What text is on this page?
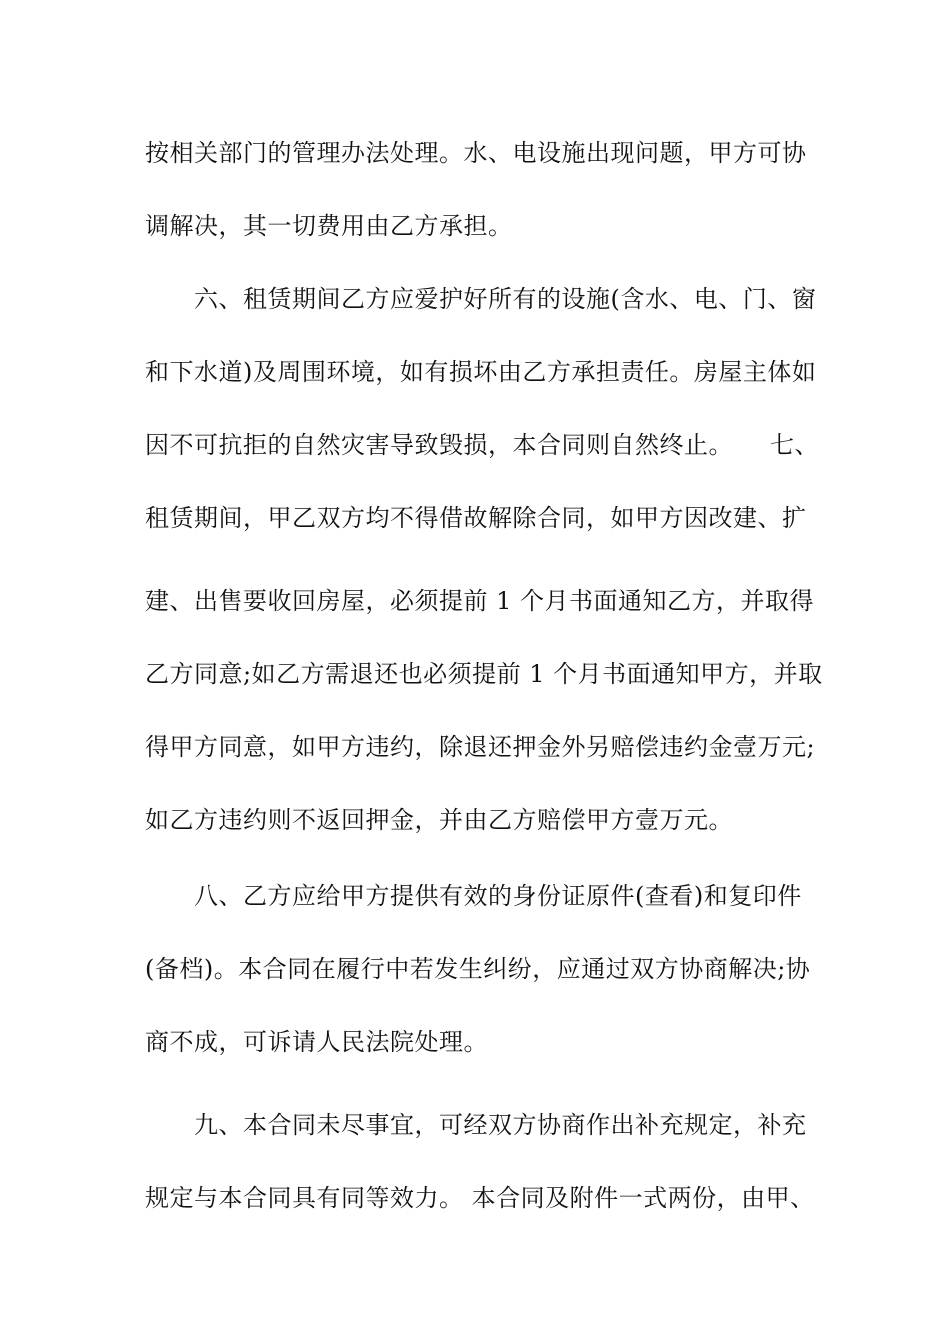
按相关部门的管理办法处理。水、电设施出现问题，甲方可协
调解决，其一切费用由乙方承担。
　　六、租赁期间乙方应爱护好所有的设施(含水、电、门、窗
和下水道)及周围环境，如有损坏由乙方承担责任。房屋主体如
因不可抗拒的自然灾害导致毁损，本合同则自然终止。　　七、
租赁期间，甲乙双方均不得借故解除合同，如甲方因改建、扩
建、出售要收回房屋，必须提前 1 个月书面通知乙方，并取得
乙方同意;如乙方需退还也必须提前 1 个月书面通知甲方，并取
得甲方同意，如甲方违约，除退还押金外另赔偿违约金壹万元;
如乙方违约则不返回押金，并由乙方赔偿甲方壹万元。
　　八、乙方应给甲方提供有效的身份证原件(查看)和复印件
(备档)。本合同在履行中若发生纠纷，应通过双方协商解决;协
商不成，可诉请人民法院处理。
　　九、本合同未尽事宜，可经双方协商作出补充规定，补充
规定与本合同具有同等效力。 本合同及附件一式两份，由甲、
